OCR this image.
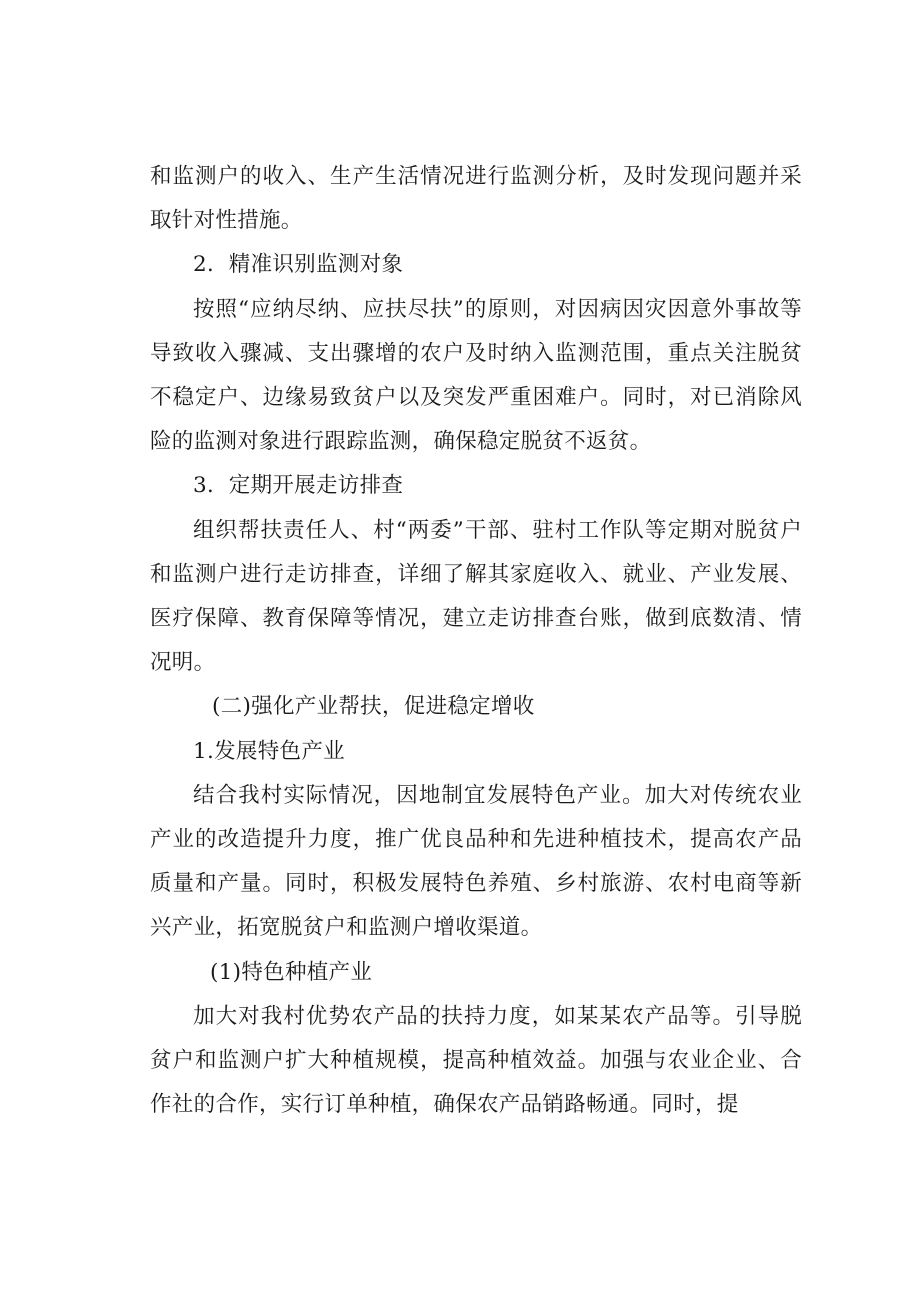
和监测户的收入、生产生活情况进行监测分析，及时发现问题并采取针对性措施。

2．精准识别监测对象

按照“应纳尽纳、应扶尽扶”的原则，对因病因灾因意外事故等导致收入骤减、支出骤增的农户及时纳入监测范围，重点关注脱贫不稳定户、边缘易致贫户以及突发严重困难户。同时，对已消除风险的监测对象进行跟踪监测，确保稳定脱贫不返贫。

3．定期开展走访排查

组织帮扶责任人、村“两委”干部、驻村工作队等定期对脱贫户和监测户进行走访排查，详细了解其家庭收入、就业、产业发展、医疗保障、教育保障等情况，建立走访排查台账，做到底数清、情况明。

(二)强化产业帮扶，促进稳定增收

1.发展特色产业

结合我村实际情况，因地制宜发展特色产业。加大对传统农业产业的改造提升力度，推广优良品种和先进种植技术，提高农产品质量和产量。同时，积极发展特色养殖、乡村旅游、农村电商等新兴产业，拓宽脱贫户和监测户增收渠道。

(1)特色种植产业

加大对我村优势农产品的扶持力度，如某某农产品等。引导脱贫户和监测户扩大种植规模，提高种植效益。加强与农业企业、合作社的合作，实行订单种植，确保农产品销路畅通。同时，提
